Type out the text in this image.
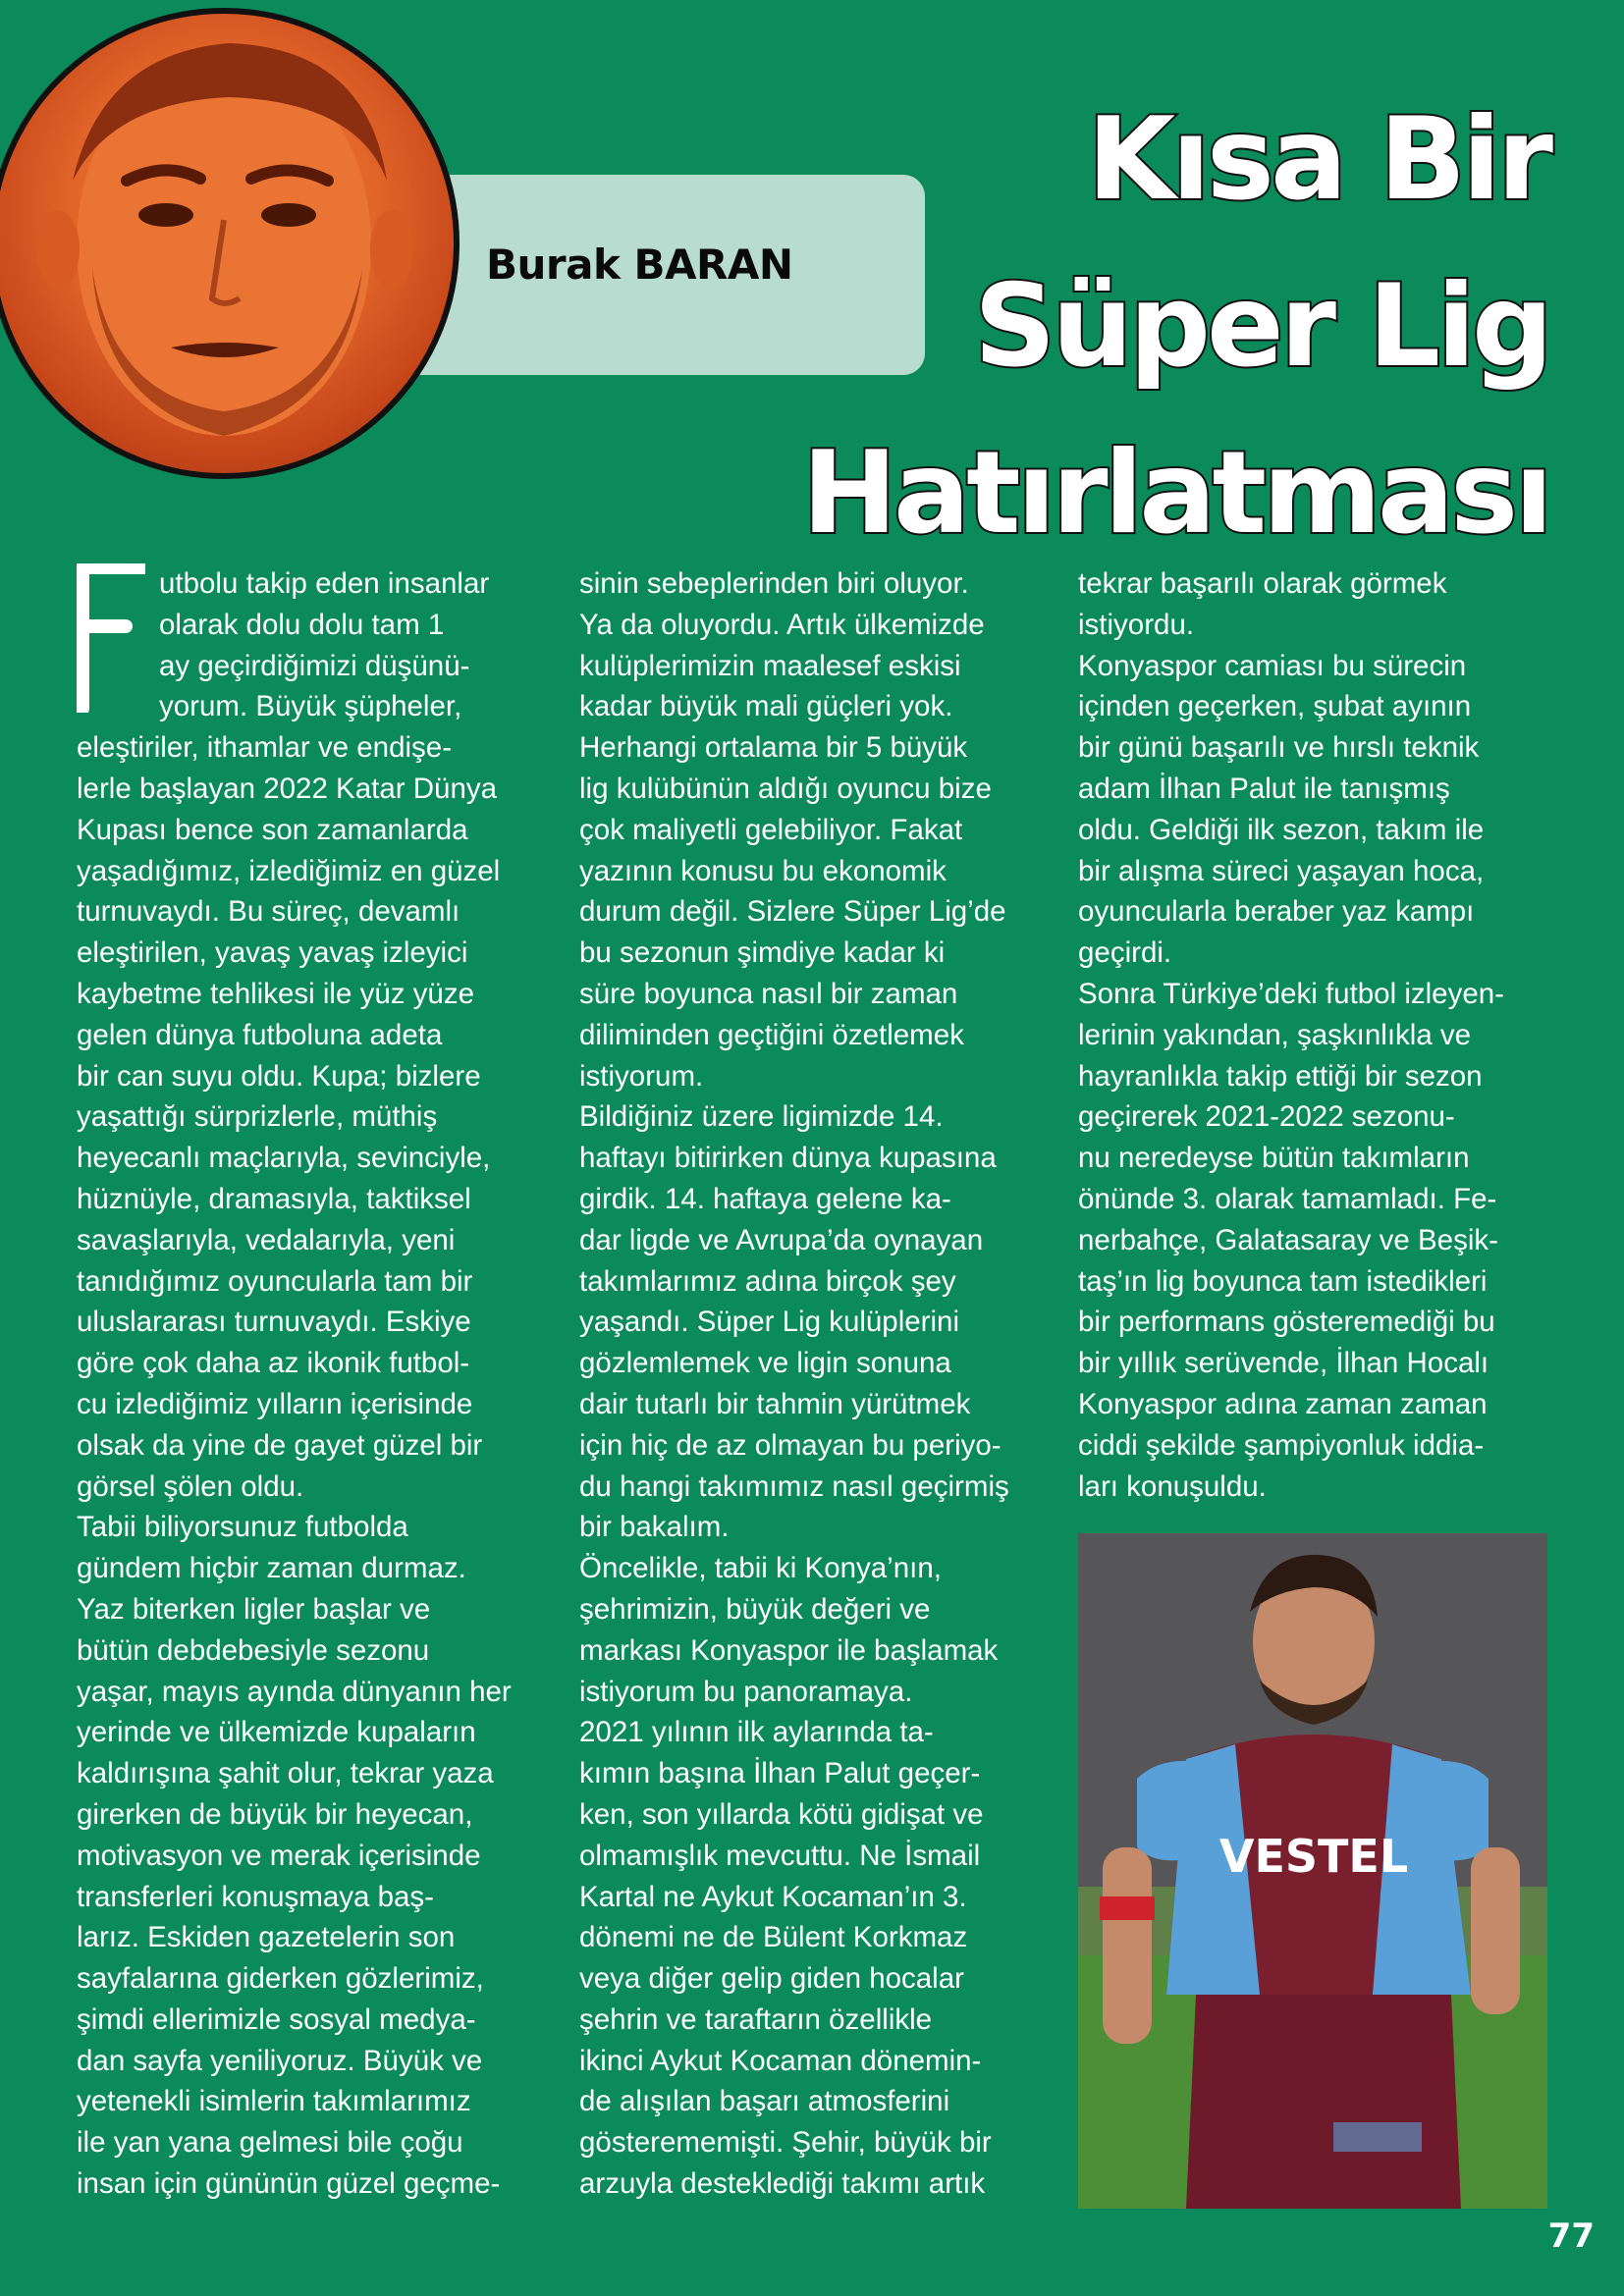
Burak BARAN
Kısa Bir
Süper Lig
Hatırlatması

utbolu takip eden insanlar

olarak dolu dolu tam 1

ay geçirdiğimizi düşünü-

yorum. Büyük şüpheler,

eleştiriler, ithamlar ve endişe-

lerle başlayan 2022 Katar Dünya

Kupası bence son zamanlarda

yaşadığımız, izlediğimiz en güzel

turnuvaydı. Bu süreç, devamlı

eleştirilen, yavaş yavaş izleyici

kaybetme tehlikesi ile yüz yüze

gelen dünya futboluna adeta

bir can suyu oldu. Kupa; bizlere

yaşattığı sürprizlerle, müthiş

heyecanlı maçlarıyla, sevinciyle,

hüznüyle, dramasıyla, taktiksel

savaşlarıyla, vedalarıyla, yeni

tanıdığımız oyuncularla tam bir

uluslararası turnuvaydı. Eskiye

göre çok daha az ikonik futbol-

cu izlediğimiz yılların içerisinde

olsak da yine de gayet güzel bir

görsel şölen oldu.

Tabii biliyorsunuz futbolda

gündem hiçbir zaman durmaz.

Yaz biterken ligler başlar ve

bütün debdebesiyle sezonu

yaşar, mayıs ayında dünyanın her

yerinde ve ülkemizde kupaların

kaldırışına şahit olur, tekrar yaza

girerken de büyük bir heyecan,

motivasyon ve merak içerisinde

transferleri konuşmaya baş-

larız. Eskiden gazetelerin son

sayfalarına giderken gözlerimiz,

şimdi ellerimizle sosyal medya-

dan sayfa yeniliyoruz. Büyük ve

yetenekli isimlerin takımlarımız

ile yan yana gelmesi bile çoğu

insan için gününün güzel geçme-

sinin sebeplerinden biri oluyor.

Ya da oluyordu. Artık ülkemizde

kulüplerimizin maalesef eskisi

kadar büyük mali güçleri yok.

Herhangi ortalama bir 5 büyük

lig kulübünün aldığı oyuncu bize

çok maliyetli gelebiliyor. Fakat

yazının konusu bu ekonomik

durum değil. Sizlere Süper Lig’de

bu sezonun şimdiye kadar ki

süre boyunca nasıl bir zaman

diliminden geçtiğini özetlemek

istiyorum.

Bildiğiniz üzere ligimizde 14.

haftayı bitirirken dünya kupasına

girdik. 14. haftaya gelene ka-

dar ligde ve Avrupa’da oynayan

takımlarımız adına birçok şey

yaşandı. Süper Lig kulüplerini

gözlemlemek ve ligin sonuna

dair tutarlı bir tahmin yürütmek

için hiç de az olmayan bu periyo-

du hangi takımımız nasıl geçirmiş

bir bakalım.

Öncelikle, tabii ki Konya’nın,

şehrimizin, büyük değeri ve

markası Konyaspor ile başlamak

istiyorum bu panoramaya.

2021 yılının ilk aylarında ta-

kımın başına İlhan Palut geçer-

ken, son yıllarda kötü gidişat ve

olmamışlık mevcuttu. Ne İsmail

Kartal ne Aykut Kocaman’ın 3.

dönemi ne de Bülent Korkmaz

veya diğer gelip giden hocalar

şehrin ve taraftarın özellikle

ikinci Aykut Kocaman dönemin-

de alışılan başarı atmosferini

gösterememişti. Şehir, büyük bir

arzuyla desteklediği takımı artık

tekrar başarılı olarak görmek

istiyordu.

Konyaspor camiası bu sürecin

içinden geçerken, şubat ayının

bir günü başarılı ve hırslı teknik

adam İlhan Palut ile tanışmış

oldu. Geldiği ilk sezon, takım ile

bir alışma süreci yaşayan hoca,

oyuncularla beraber yaz kampı

geçirdi.

Sonra Türkiye’deki futbol izleyen-

lerinin yakından, şaşkınlıkla ve

hayranlıkla takip ettiği bir sezon

geçirerek 2021-2022 sezonu-

nu neredeyse bütün takımların

önünde 3. olarak tamamladı. Fe-

nerbahçe, Galatasaray ve Beşik-

taş’ın lig boyunca tam istedikleri

bir performans gösteremediği bu

bir yıllık serüvende, İlhan Hocalı

Konyaspor adına zaman zaman

ciddi şekilde şampiyonluk iddia-

ları konuşuldu.

VESTEL
77
